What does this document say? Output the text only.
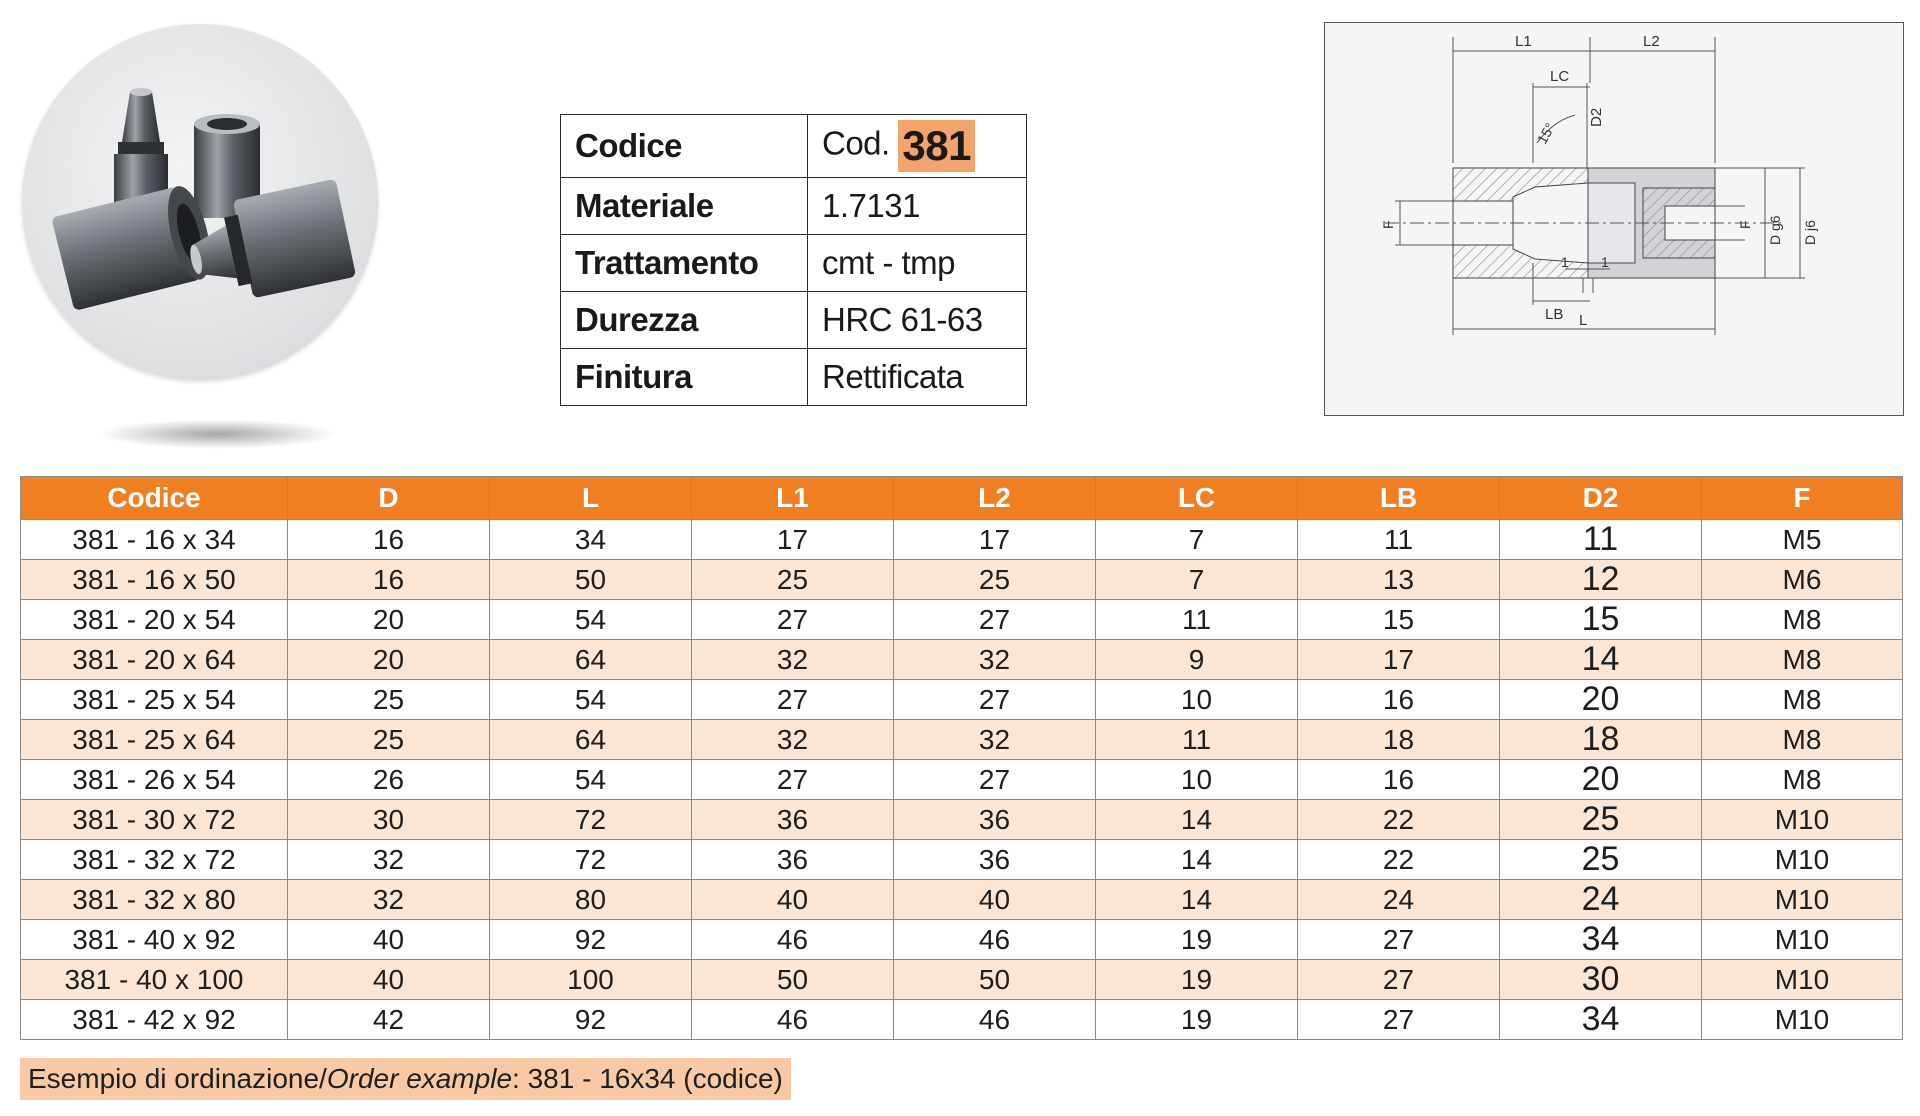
Codice	Cod. 381
Materiale	1.7131
Trattamento	cmt - tmp
Durezza	HRC 61-63
Finitura	Rettificata
L1	L2
LC
D2
15°
F	F D g6 D j6
1 1
LB L
Codice	D	L	L1	L2	LC	LB	D2	F
381 - 16 x 34	16	34	17	17	7	11	11	M5
381 - 16 x 50	16	50	25	25	7	13	12	M6
381 - 20 x 54	20	54	27	27	11	15	15	M8
381 - 20 x 64	20	64	32	32	9	17	14	M8
381 - 25 x 54	25	54	27	27	10	16	20	M8
381 - 25 x 64	25	64	32	32	11	18	18	M8
381 - 26 x 54	26	54	27	27	10	16	20	M8
381 - 30 x 72	30	72	36	36	14	22	25	M10
381 - 32 x 72	32	72	36	36	14	22	25	M10
381 - 32 x 80	32	80	40	40	14	24	24	M10
381 - 40 x 92	40	92	46	46	19	27	34	M10
381 - 40 x 100	40	100	50	50	19	27	30	M10
381 - 42 x 92	42	92	46	46	19	27	34	M10
Esempio di ordinazione/Order example: 381 - 16x34 (codice)
